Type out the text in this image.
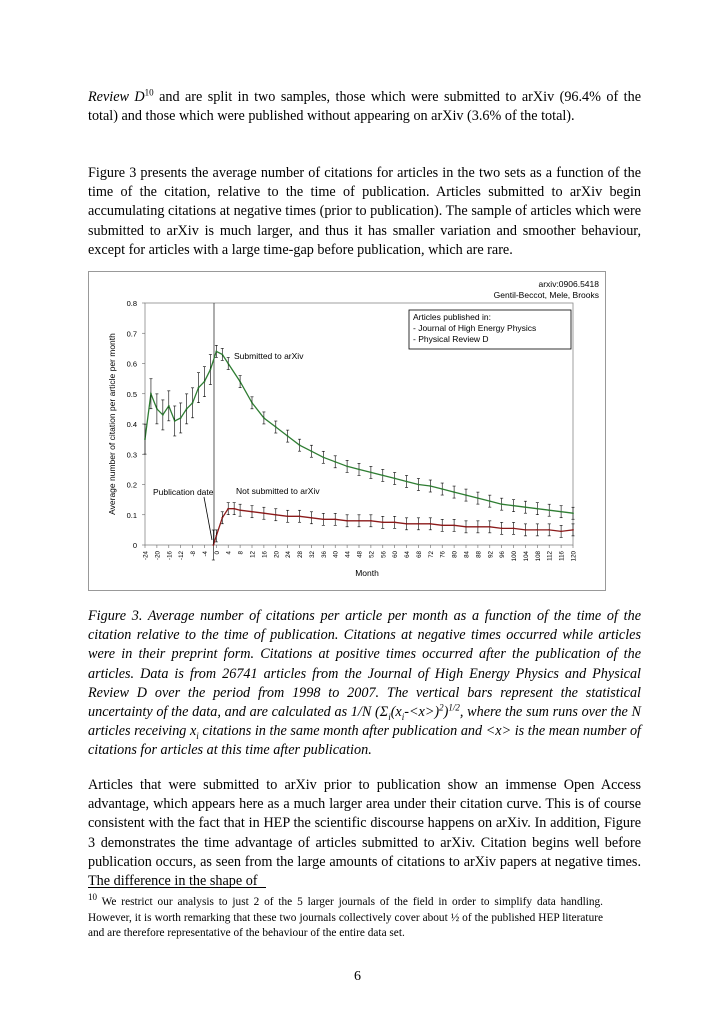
Review $D^{10}$ and are split in two samples, those which were submitted to arXiv (96.4% of the total) and those which were published without appearing on arXiv (3.6% of the total).

Figure 3 presents the average number of citations for articles in the two sets as a function of the time of the citation, relative to the time of publication. Articles submitted to arXiv begin accumulating citations at negative times (prior to publication). The sample of articles which were submitted to arXiv is much larger, and thus it has smaller variation and smoother behaviour, except for articles with a large time-gap before publication, which are rare.

arxiv:0906.5418
Gentil-Beccot, Mele, Brooks
0
0.1
0.2
0.3
0.4
0.5
0.6
0.7
0.8
-24 -20 -16 -12 -8 -4 0 4 8 12 16 20 24 28 32 36 40 44 48 52 56 60 64 68 72 76 80 84 88 92 96 100 104 108 112 116 120
Publication date
Submitted to arXiv
Not submitted to arXiv
Articles published in:
- Journal of High Energy Physics
- Physical Review D
Average number of citation per article per month
Month

Figure 3. Average number of citations per article per month as a function of the time of the citation relative to the time of publication. Citations at negative times occurred while articles were in their preprint form. Citations at positive times occurred after the publication of the articles. Data is from 26741 articles from the Journal of High Energy Physics and Physical Review D over the period from 1998 to 2007. The vertical bars represent the statistical uncertainty of the data, and are calculated as 1/N $(\Sigma_i(x_i-<x>)^2)^{1/2}$, where the sum runs over the N articles receiving $x_i$ citations in the same month after publication and <x> is the mean number of citations for articles at this time after publication.

Articles that were submitted to arXiv prior to publication show an immense Open Access advantage, which appears here as a much larger area under their citation curve. This is of course consistent with the fact that in HEP the scientific discourse happens on arXiv. In addition, Figure 3 demonstrates the time advantage of articles submitted to arXiv. Citation begins well before publication occurs, as seen from the large amounts of citations to arXiv papers at negative times. The difference in the shape of

$^{10}$ We restrict our analysis to just 2 of the 5 larger journals of the field in order to simplify data handling. However, it is worth remarking that these two journals collectively cover about ½ of the published HEP literature and are therefore representative of the behaviour of the entire data set.

6
